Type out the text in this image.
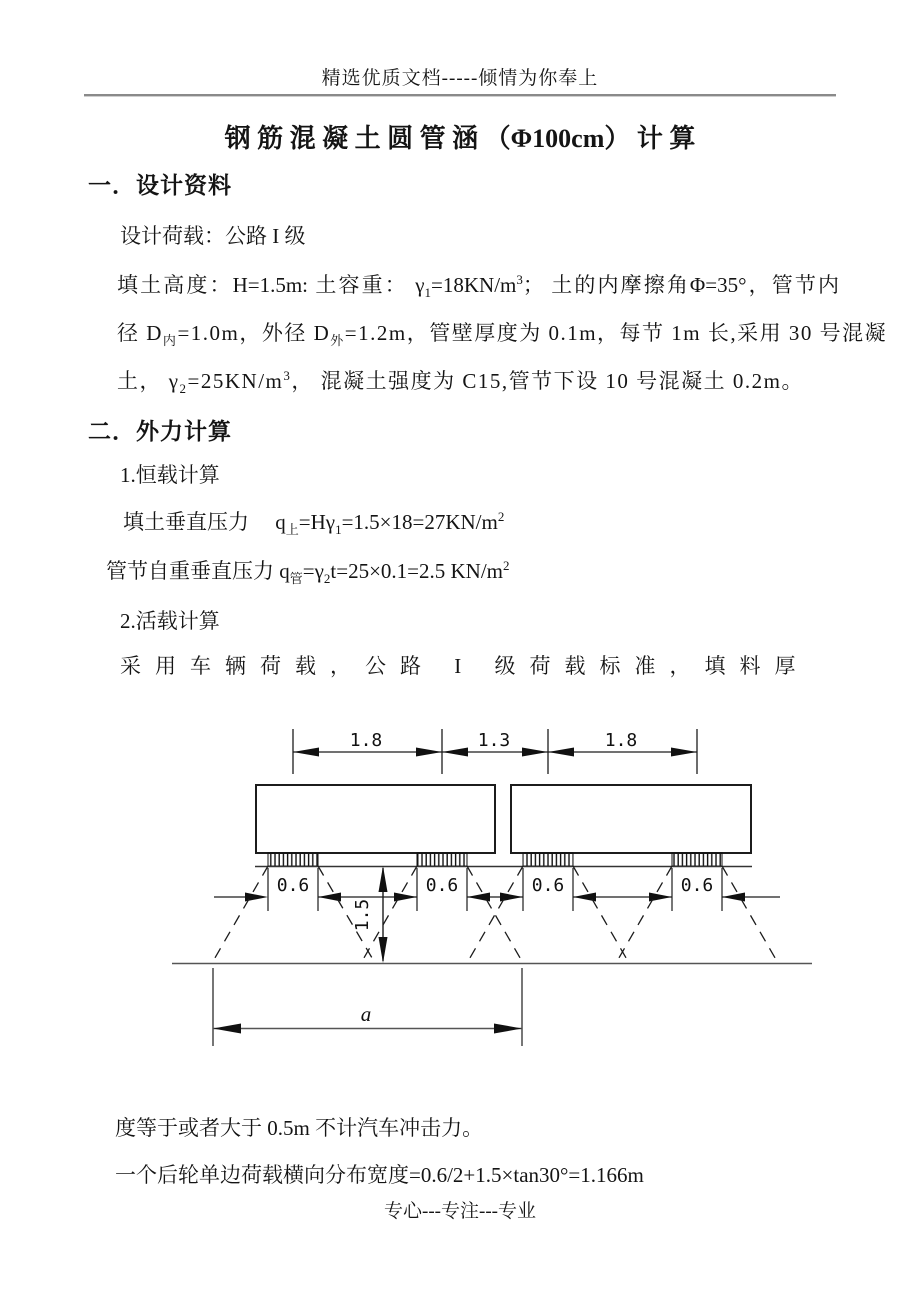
精选优质文档-----倾情为你奉上
钢 筋 混 凝 土 圆 管 涵 （Φ100cm） 计 算
一．设计资料
设计荷载：公路 I 级
填土高度：H=1.5m: 土容重： $\gamma_1=18KN/m^3$； 土的内摩擦角Φ=35°，管节内
径 $D_内=1.0m$，外径 $D_外=1.2m$，管壁厚度为 0.1m，每节 1m 长,采用 30 号混凝
土， $\gamma_2=25KN/m^3$， 混凝土强度为 C15,管节下设 10 号混凝土 0.2m。
二．外力计算
1.恒载计算
填土垂直压力　 $q_上=H\gamma_1=1.5\times 18=27KN/m^2$
管节自重垂直压力 $q_管=\gamma_2t=25\times 0.1=2.5$ $KN/m^2$
2.活载计算
采用车辆荷载，公路 I 级荷载标准，填料厚
1.8	1.3	1.8
0.6	0.6	0.6	0.6
1.5
a
度等于或者大于 0.5m 不计汽车冲击力。
一个后轮单边荷载横向分布宽度=0.6/2+1.5×tan30°=1.166m
专心---专注---专业
